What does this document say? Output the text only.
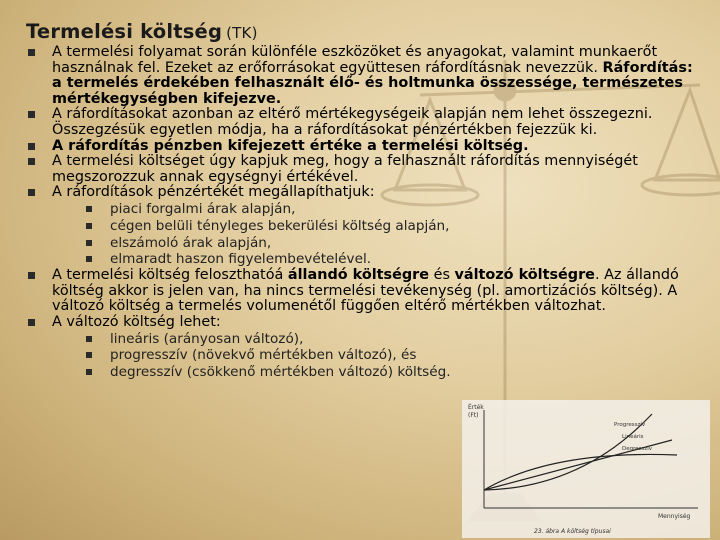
Érték
(Ft)
Mennyiség
Progresszív
Lineáris
Degresszív
23. ábra A költség típusai
Termelési költség (TK)
A termelési folyamat során különféle eszközöket és anyagokat, valamint munkaerőt használnak fel. Ezeket az erőforrásokat együttesen ráfordításnak nevezzük. Ráfordítás: a termelés érdekében felhasznált élő- és holtmunka összessége, természetes mértékegységben kifejezve.
A ráfordításokat azonban az eltérő mértékegységeik alapján nem lehet összegezni. Összegzésük egyetlen módja, ha a ráfordításokat pénzértékben fejezzük ki.
A ráfordítás pénzben kifejezett értéke a termelési költség.
A termelési költséget úgy kapjuk meg, hogy a felhasznált ráfordítás mennyiségét megszorozzuk annak egységnyi értékével.
A ráfordítások pénzértékét megállapíthatjuk:
piaci forgalmi árak alapján,
cégen belüli tényleges bekerülési költség alapján,
elszámoló árak alapján,
elmaradt haszon figyelembevételével.
A termelési költség feloszthatóá állandó költségre és változó költségre. Az állandó költség akkor is jelen van, ha nincs termelési tevékenység (pl. amortizációs költség). A változó költség a termelés volumenétől függően eltérő mértékben változhat.
A változó költség lehet:
lineáris (arányosan változó),
progresszív (növekvő mértékben változó), és
degresszív (csökkenő mértékben változó) költség.
